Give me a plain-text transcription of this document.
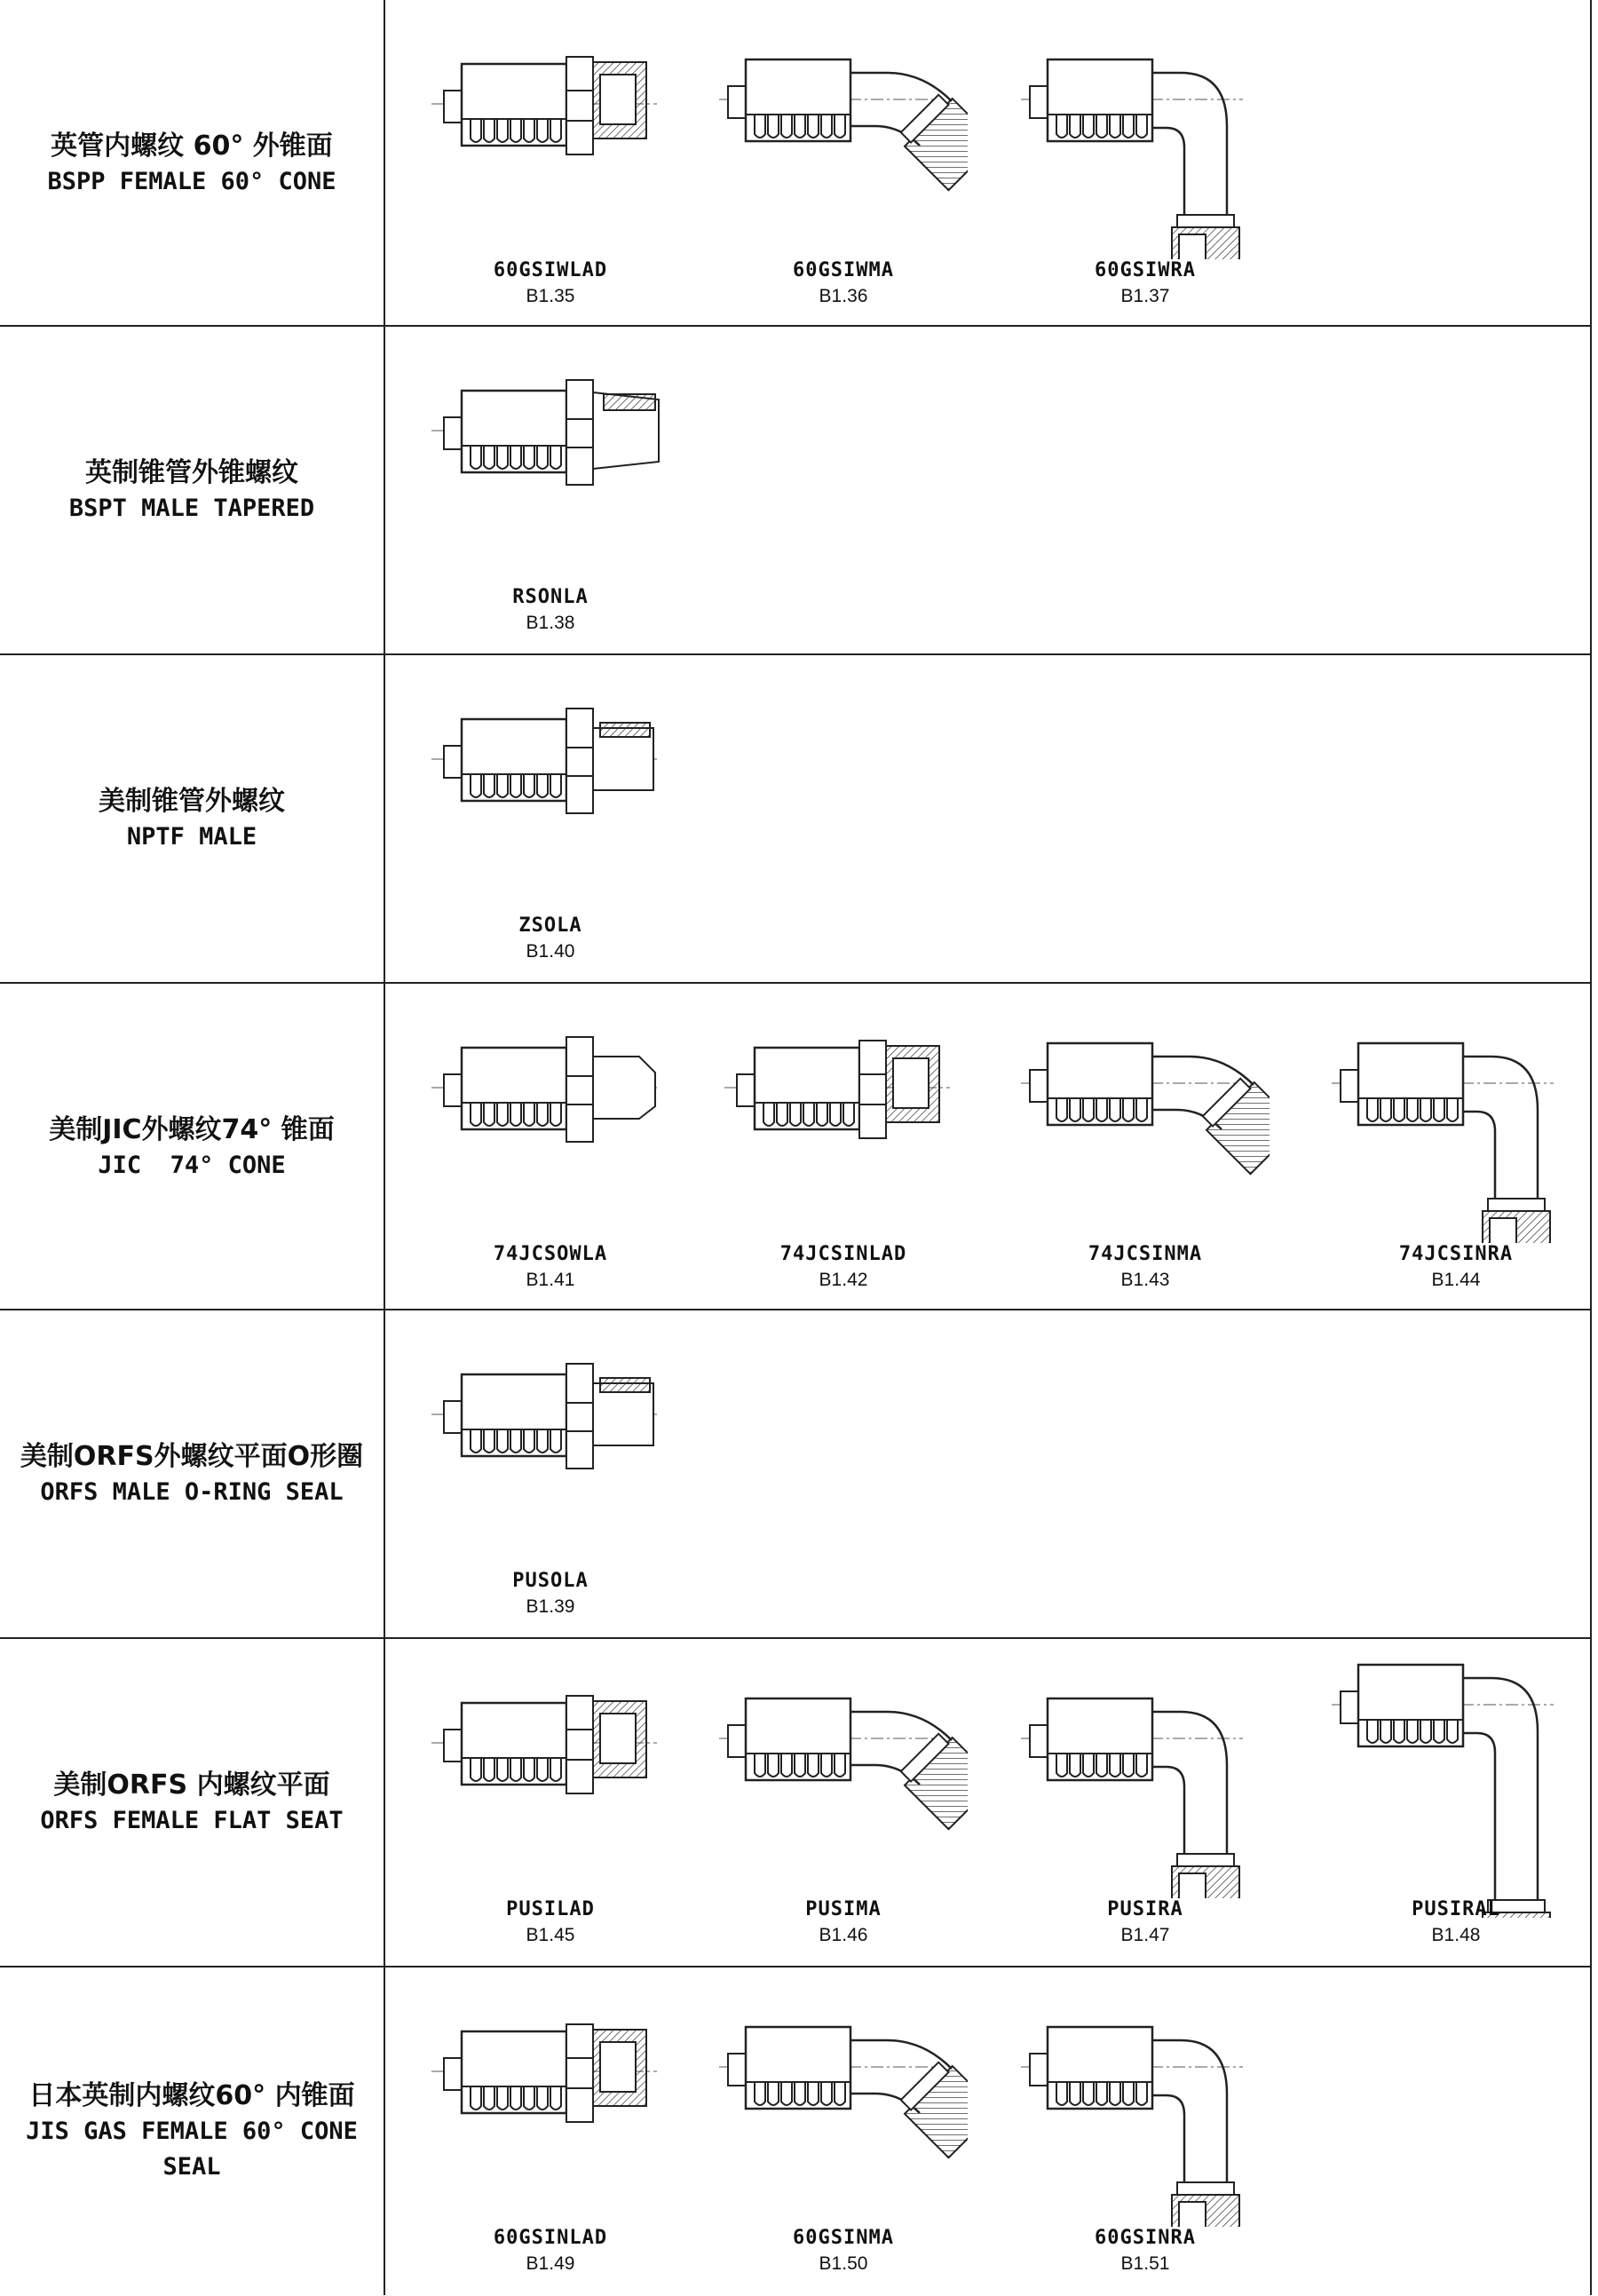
英管内螺纹 60° 外锥面
BSPP FEMALE 60° CONE
60GSIWLAD
B1.35
60GSIWMA
B1.36
60GSIWRA
B1.37
英制锥管外锥螺纹
BSPT MALE TAPERED
RSONLA
B1.38
美制锥管外螺纹
NPTF MALE
ZSOLA
B1.40
美制JIC外螺纹74° 锥面
JIC  74° CONE
74JCSOWLA
B1.41
74JCSINLAD
B1.42
74JCSINMA
B1.43
74JCSINRA
B1.44
美制ORFS外螺纹平面O形圈
ORFS MALE O-RING SEAL
PUSOLA
B1.39
美制ORFS 内螺纹平面
ORFS FEMALE FLAT SEAT
PUSILAD
B1.45
PUSIMA
B1.46
PUSIRA
B1.47
PUSIRAL
B1.48
日本英制内螺纹60° 内锥面
JIS GAS FEMALE 60° CONE SEAL
60GSINLAD
B1.49
60GSINMA
B1.50
60GSINRA
B1.51
